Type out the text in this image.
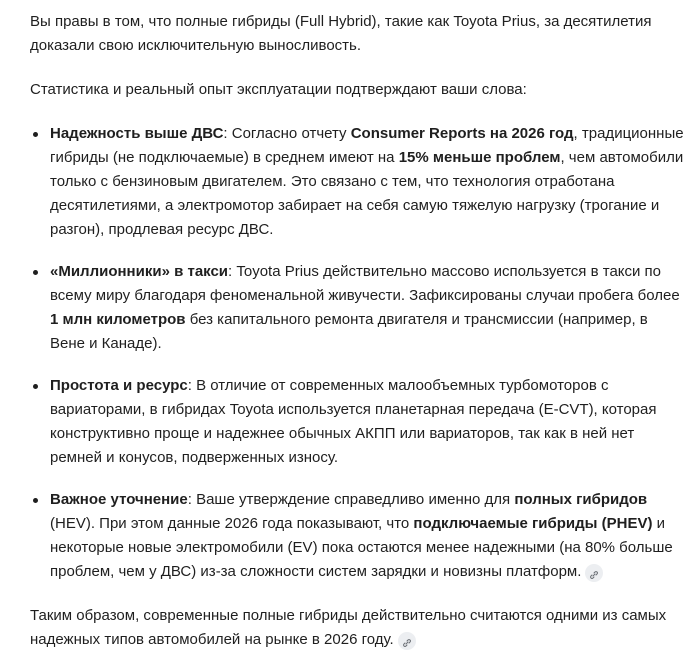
Вы правы в том, что полные гибриды (Full Hybrid), такие как Toyota Prius, за десятилетия доказали свою исключительную выносливость.

Статистика и реальный опыт эксплуатации подтверждают ваши слова:

Надежность выше ДВС: Согласно отчету Consumer Reports на 2026 год, традиционные гибриды (не подключаемые) в среднем имеют на 15% меньше проблем, чем автомобили только с бензиновым двигателем. Это связано с тем, что технология отработана десятилетиями, а электромотор забирает на себя самую тяжелую нагрузку (трогание и разгон), продлевая ресурс ДВС.
«Миллионники» в такси: Toyota Prius действительно массово используется в такси по всему миру благодаря феноменальной живучести. Зафиксированы случаи пробега более 1 млн километров без капитального ремонта двигателя и трансмиссии (например, в Вене и Канаде).
Простота и ресурс: В отличие от современных малообъемных турбомоторов с вариаторами, в гибридах Toyota используется планетарная передача (E-CVT), которая конструктивно проще и надежнее обычных АКПП или вариаторов, так как в ней нет ремней и конусов, подверженных износу.
Важное уточнение: Ваше утверждение справедливо именно для полных гибридов (HEV). При этом данные 2026 года показывают, что подключаемые гибриды (PHEV) и некоторые новые электромобили (EV) пока остаются менее надежными (на 80% больше проблем, чем у ДВС) из-за сложности систем зарядки и новизны платформ.

Таким образом, современные полные гибриды действительно считаются одними из самых надежных типов автомобилей на рынке в 2026 году.
